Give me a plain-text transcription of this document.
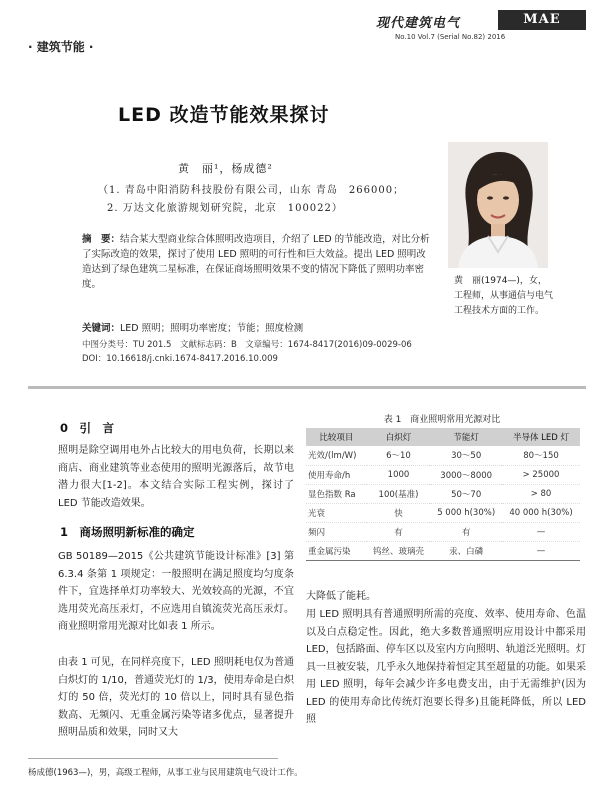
· 建筑节能 ·
现代建筑电气	MAE
No.10 Vol.7 (Serial No.82) 2016
LED 改造节能效果探讨
黄　丽¹，杨成德²
（1. 青岛中阳消防科技股份有限公司，山东 青岛　266000；
2. 万达文化旅游规划研究院，北京　100022）
黄　丽(1974—)，女，工程师，从事通信与电气工程技术方面的工作。
摘　要：结合某大型商业综合体照明改造项目，介绍了 LED 的节能改造，对比分析了实际改造的效果，探讨了使用 LED 照明的可行性和巨大效益。提出 LED 照明改造达到了绿色建筑二星标准，在保证商场照明效果不变的情况下降低了照明功率密度。
关键词：LED 照明；照明功率密度；节能；照度检测
中图分类号：TU 201.5　文献标志码：B　文章编号：1674-8417(2016)09-0029-06
DOI：10.16618/j.cnki.1674-8417.2016.10.009
0　引　言
照明是除空调用电外占比较大的用电负荷，长期以来商店、商业建筑等业态使用的照明光源落后，故节电潜力很大[1-2]。本文结合实际工程实例，探讨了 LED 节能改造效果。
1　商场照明新标准的确定
GB 50189—2015《公共建筑节能设计标准》[3] 第 6.3.4 条第 1 项规定：一般照明在满足照度均匀度条件下，宜选择单灯功率较大、光效较高的光源，不宜选用荧光高压汞灯，不应选用自镇流荧光高压汞灯。商业照明常用光源对比如表 1 所示。
由表 1 可见，在同样亮度下，LED 照明耗电仅为普通白炽灯的 1/10，普通荧光灯的 1/3，使用寿命是白炽灯的 50 倍，荧光灯的 10 倍以上，同时具有显色指数高、无频闪、无重金属污染等诸多优点，显著提升照明品质和效果，同时又大
表 1　商业照明常用光源对比
比较项目	白炽灯	节能灯	半导体 LED 灯
光效/(lm/W)	6～10	30～50	80～150
使用寿命/h	1000	3000～8000	> 25000
显色指数 Ra	100(基准)	50～70	> 80
光衰	快	5 000 h(30%)	40 000 h(30%)
频闪	有	有	—
重金属污染	钨丝、玻璃壳	汞、白磷	—
大降低了能耗。
用 LED 照明具有普通照明所需的亮度、效率、使用寿命、色温以及白点稳定性。因此，绝大多数普通照明应用设计中都采用 LED，包括路面、停车区以及室内方向照明、轨道泛光照明。灯具一旦被安装，几乎永久地保持着恒定其至超量的功能。如果采用 LED 照明，每年会减少许多电费支出，由于无需维护(因为 LED 的使用寿命比传统灯泡要长得多)且能耗降低，所以 LED 照
杨成德(1963—)，男，高级工程师，从事工业与民用建筑电气设计工作。
